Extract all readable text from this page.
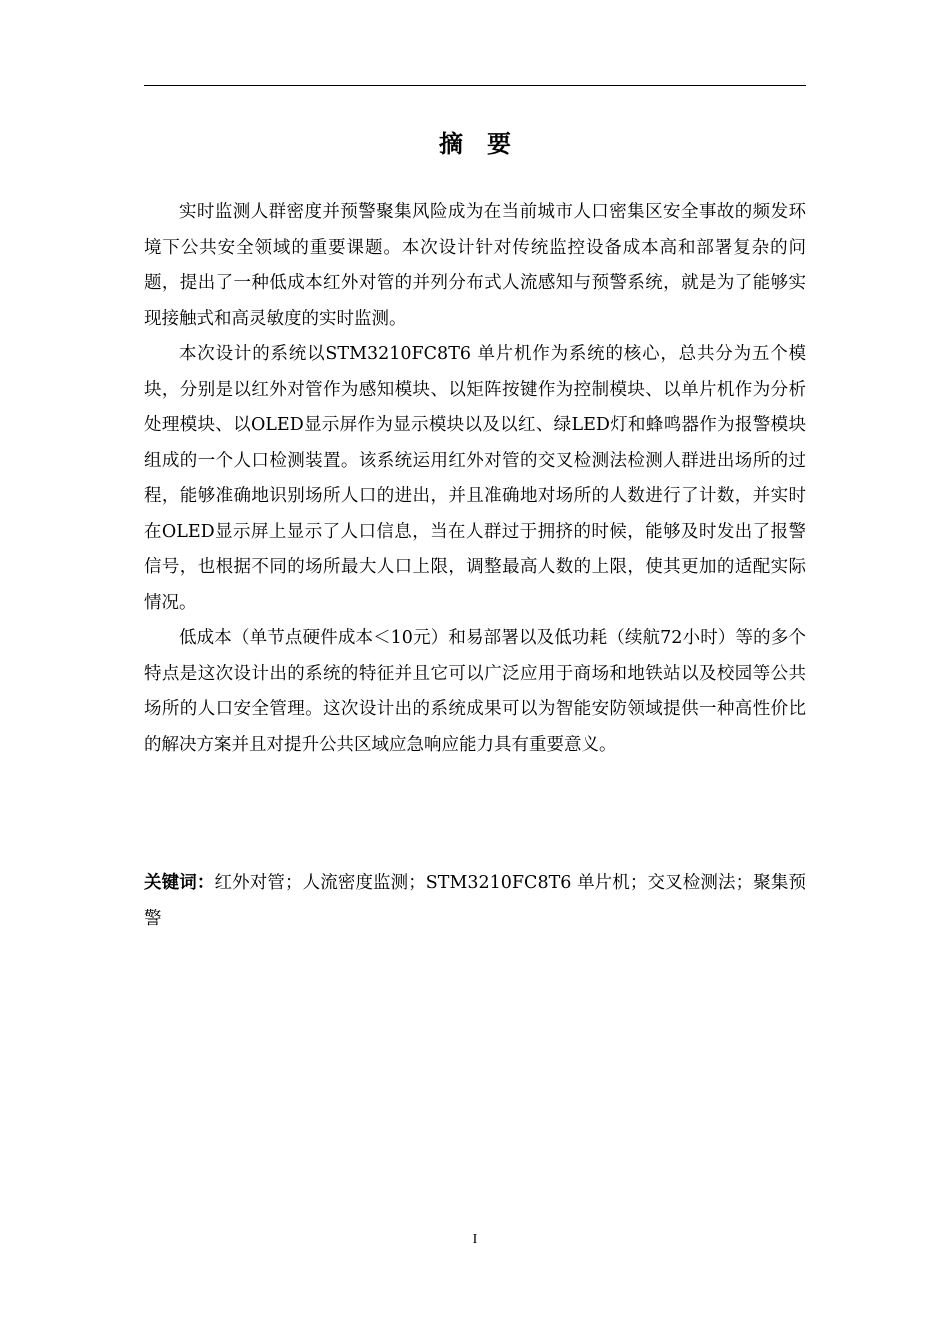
摘　要

实时监测人群密度并预警聚集风险成为在当前城市人口密集区安全事故的频发环境下公共安全领域的重要课题。本次设计针对传统监控设备成本高和部署复杂的问题，提出了一种低成本红外对管的并列分布式人流感知与预警系统，就是为了能够实现接触式和高灵敏度的实时监测。

本次设计的系统以STM3210FC8T6 单片机作为系统的核心，总共分为五个模块，分别是以红外对管作为感知模块、以矩阵按键作为控制模块、以单片机作为分析处理模块、以OLED显示屏作为显示模块以及以红、绿LED灯和蜂鸣器作为报警模块组成的一个人口检测装置。该系统运用红外对管的交叉检测法检测人群进出场所的过程，能够准确地识别场所人口的进出，并且准确地对场所的人数进行了计数，并实时在OLED显示屏上显示了人口信息，当在人群过于拥挤的时候，能够及时发出了报警信号，也根据不同的场所最大人口上限，调整最高人数的上限，使其更加的适配实际情况。

低成本（单节点硬件成本＜10元）和易部署以及低功耗（续航72小时）等的多个特点是这次设计出的系统的特征并且它可以广泛应用于商场和地铁站以及校园等公共场所的人口安全管理。这次设计出的系统成果可以为智能安防领域提供一种高性价比的解决方案并且对提升公共区域应急响应能力具有重要意义。

关键词：红外对管；人流密度监测；STM3210FC8T6 单片机；交叉检测法；聚集预警

I
